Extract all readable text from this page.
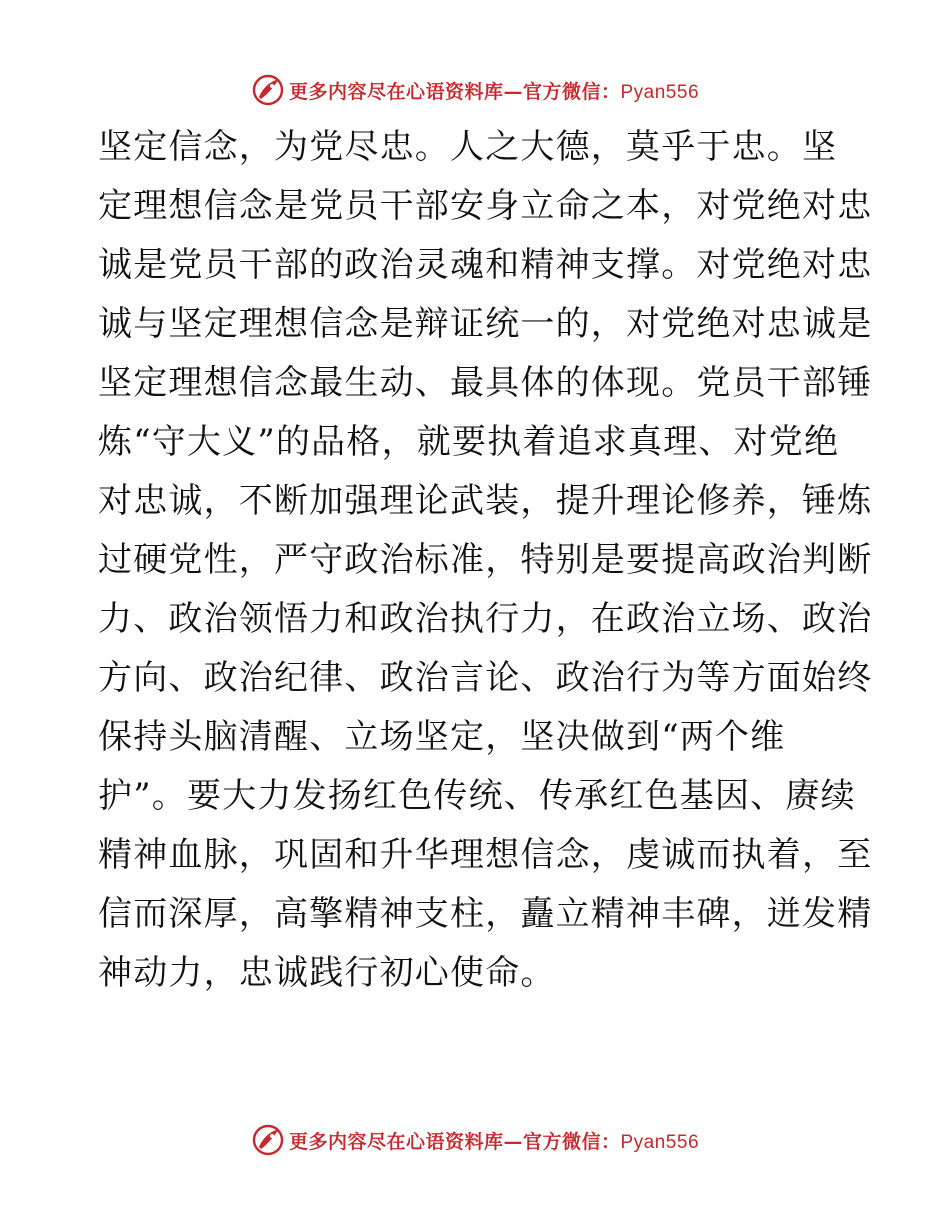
更多内容尽在心语资料库—官方微信：Pyan556
坚定信念，为党尽忠。人之大德，莫乎于忠。坚
定理想信念是党员干部安身立命之本，对党绝对忠
诚是党员干部的政治灵魂和精神支撑。对党绝对忠
诚与坚定理想信念是辩证统一的，对党绝对忠诚是
坚定理想信念最生动、最具体的体现。党员干部锤
炼“守大义”的品格，就要执着追求真理、对党绝
对忠诚，不断加强理论武装，提升理论修养，锤炼
过硬党性，严守政治标准，特别是要提高政治判断
力、政治领悟力和政治执行力，在政治立场、政治
方向、政治纪律、政治言论、政治行为等方面始终
保持头脑清醒、立场坚定，坚决做到“两个维
护”。要大力发扬红色传统、传承红色基因、赓续
精神血脉，巩固和升华理想信念，虔诚而执着，至
信而深厚，高擎精神支柱，矗立精神丰碑，迸发精
神动力，忠诚践行初心使命。
更多内容尽在心语资料库—官方微信：Pyan556
